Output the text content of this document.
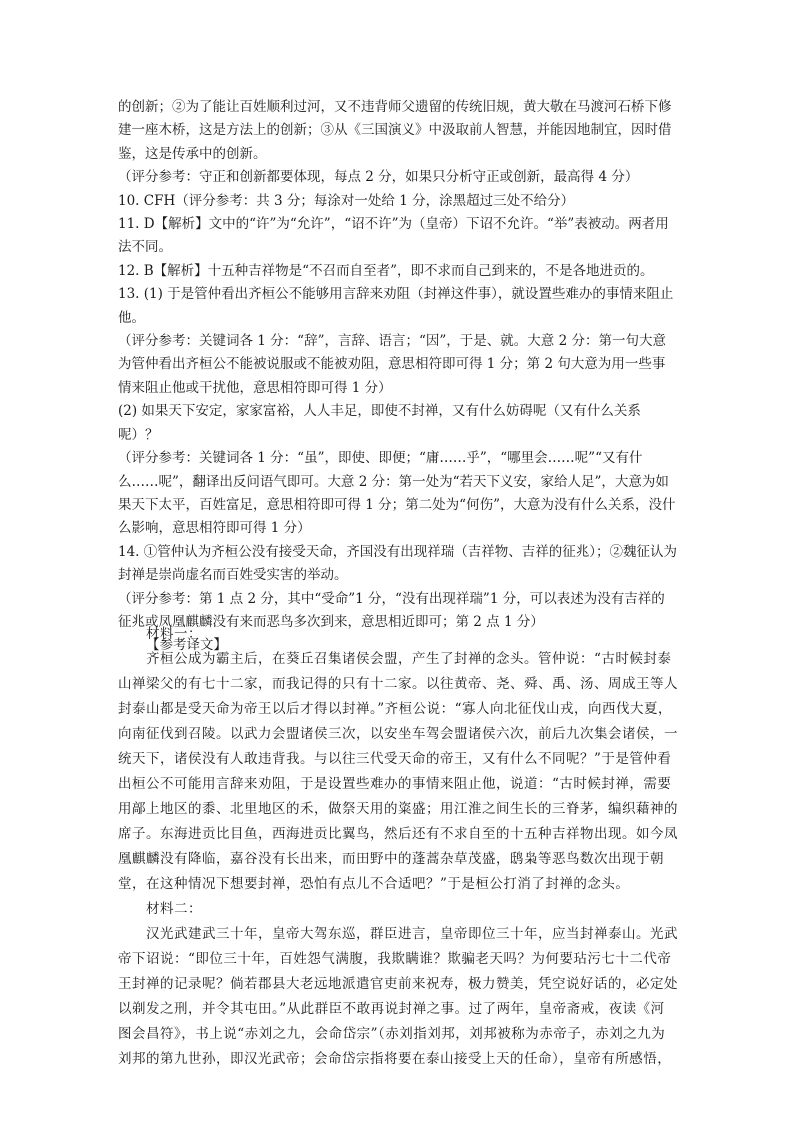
的创新；②为了能让百姓顺利过河，又不违背师父遗留的传统旧规，黄大敬在马渡河石桥下修建一座木桥，这是方法上的创新；③从《三国演义》中汲取前人智慧，并能因地制宜，因时借鉴，这是传承中的创新。

（评分参考：守正和创新都要体现，每点 2 分，如果只分析守正或创新，最高得 4 分）

10. CFH（评分参考：共 3 分；每涂对一处给 1 分，涂黑超过三处不给分）

11. D【解析】文中的“许”为“允许”，“诏不许”为（皇帝）下诏不允许。“举”表被动。两者用法不同。

12. B【解析】十五种吉祥物是“不召而自至者”，即不求而自己到来的，不是各地进贡的。

13. (1) 于是管仲看出齐桓公不能够用言辞来劝阻（封禅这件事），就设置些难办的事情来阻止他。

（评分参考：关键词各 1 分：“辞”，言辞、语言；“因”，于是、就。大意 2 分：第一句大意为管仲看出齐桓公不能被说服或不能被劝阻，意思相符即可得 1 分；第 2 句大意为用一些事情来阻止他或干扰他，意思相符即可得 1 分）

(2) 如果天下安定，家家富裕，人人丰足，即使不封禅，又有什么妨碍呢（又有什么关系呢）？

（评分参考：关键词各 1 分：“虽”，即使、即便；“庸……乎”，“哪里会……呢”“又有什么……呢”，翻译出反问语气即可。大意 2 分：第一处为“若天下义安，家给人足”，大意为如果天下太平，百姓富足，意思相符即可得 1 分；第二处为“何伤”，大意为没有什么关系，没什么影响，意思相符即可得 1 分）

14. ①管仲认为齐桓公没有接受天命，齐国没有出现祥瑞（吉祥物、吉祥的征兆）；②魏征认为封禅是崇尚虚名而百姓受实害的举动。

（评分参考：第 1 点 2 分，其中“受命”1 分，“没有出现祥瑞”1 分，可以表述为没有吉祥的征兆或凤凰麒麟没有来而恶鸟多次到来，意思相近即可；第 2 点 1 分）

【参考译文】

材料一：

齐桓公成为霸主后，在葵丘召集诸侯会盟，产生了封禅的念头。管仲说：“古时候封泰山禅梁父的有七十二家，而我记得的只有十二家。以往黄帝、尧、舜、禹、汤、周成王等人封泰山都是受天命为帝王以后才得以封禅。”齐桓公说：“寡人向北征伐山戎，向西伐大夏，向南征伐到召陵。以武力会盟诸侯三次，以安坐车驾会盟诸侯六次，前后九次集会诸侯，一统天下，诸侯没有人敢违背我。与以往三代受天命的帝王，又有什么不同呢？”于是管仲看出桓公不可能用言辞来劝阻，于是设置些难办的事情来阻止他，说道：“古时候封禅，需要用鄗上地区的黍、北里地区的禾，做祭天用的粢盛；用江淮之间生长的三脊茅，编织藉神的席子。东海进贡比目鱼，西海进贡比翼鸟，然后还有不求自至的十五种吉祥物出现。如今凤凰麒麟没有降临，嘉谷没有长出来，而田野中的蓬蒿杂草茂盛，鸱枭等恶鸟数次出现于朝堂，在这种情况下想要封禅，恐怕有点儿不合适吧？”于是桓公打消了封禅的念头。

材料二：

汉光武建武三十年，皇帝大驾东巡，群臣进言，皇帝即位三十年，应当封禅泰山。光武帝下诏说：“即位三十年，百姓怨气满腹，我欺瞒谁？欺骗老天吗？为何要玷污七十二代帝王封禅的记录呢？倘若郡县大老远地派遣官吏前来祝寿，极力赞美，凭空说好话的，必定处以剃发之刑，并令其屯田。”从此群臣不敢再说封禅之事。过了两年，皇帝斋戒，夜读《河图会昌符》，书上说“赤刘之九，会命岱宗”（赤刘指刘邦，刘邦被称为赤帝子，赤刘之九为刘邦的第九世孙，即汉光武帝；会命岱宗指将要在泰山接受上天的任命），皇帝有所感悟，
